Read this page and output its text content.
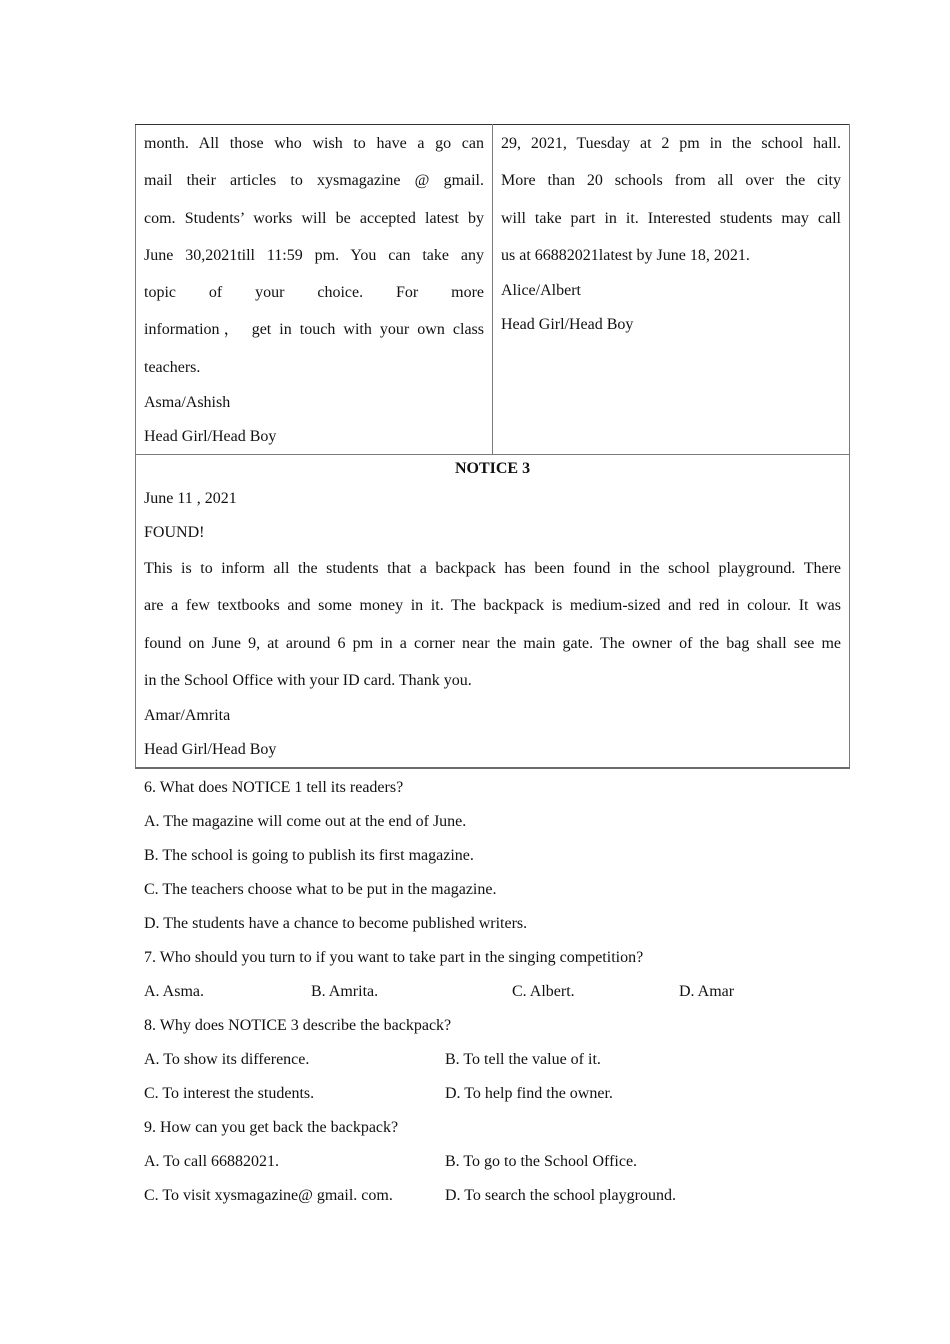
month. All those who wish to have a go can
mail their articles to xysmagazine @ gmail.
com. Students’ works will be accepted latest by
June 30,2021till 11:59 pm. You can take any
topic of your choice. For more
information， get in touch with your own class
teachers.
Asma/Ashish
Head Girl/Head Boy

29, 2021, Tuesday at 2 pm in the school hall.
More than 20 schools from all over the city
will take part in it. Interested students may call
us at 66882021latest by June 18, 2021.
Alice/Albert
Head Girl/Head Boy

NOTICE 3
June 11 , 2021
FOUND!
This is to inform all the students that a backpack has been found in the school playground. There
are a few textbooks and some money in it. The backpack is medium-sized and red in colour. It was
found on June 9, at around 6 pm in a corner near the main gate. The owner of the bag shall see me
in the School Office with your ID card. Thank you.
Amar/Amrita
Head Girl/Head Boy
6. What does NOTICE 1 tell its readers?
A. The magazine will come out at the end of June.
B. The school is going to publish its first magazine.
C. The teachers choose what to be put in the magazine.
D. The students have a chance to become published writers.
7. Who should you turn to if you want to take part in the singing competition?
A. Asma.	B. Amrita.	C. Albert.	D. Amar
8. Why does NOTICE 3 describe the backpack?
A. To show its difference.	B. To tell the value of it.
C. To interest the students.	D. To help find the owner.
9. How can you get back the backpack?
A. To call 66882021.	B. To go to the School Office.
C. To visit xysmagazine@ gmail. com.	D. To search the school playground.
